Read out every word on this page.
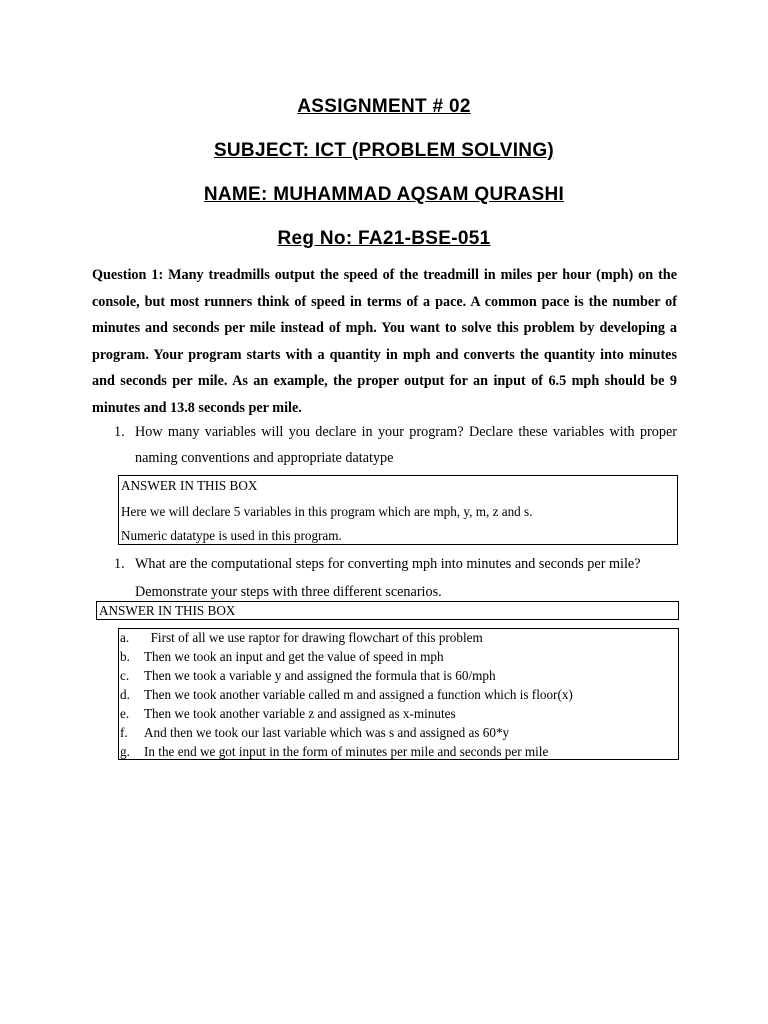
ASSIGNMENT # 02
SUBJECT: ICT (PROBLEM SOLVING)
NAME: MUHAMMAD AQSAM QURASHI
Reg No: FA21-BSE-051
Question 1: Many treadmills output the speed of the treadmill in miles per hour (mph) on the console, but most runners think of speed in terms of a pace. A common pace is the number of minutes and seconds per mile instead of mph. You want to solve this problem by developing a program. Your program starts with a quantity in mph and converts the quantity into minutes and seconds per mile. As an example, the proper output for an input of 6.5 mph should be 9 minutes and 13.8 seconds per mile.
1. How many variables will you declare in your program? Declare these variables with proper naming conventions and appropriate datatype
ANSWER IN THIS BOX
Here we will declare 5 variables in this program which are mph, y, m, z and s.
Numeric datatype is used in this program.
1. What are the computational steps for converting mph into minutes and seconds per mile?
Demonstrate your steps with three different scenarios.
ANSWER IN THIS BOX
a. First of all we use raptor for drawing flowchart of this problem
b. Then we took an input and get the value of speed in mph
c. Then we took a variable y and assigned the formula that is 60/mph
d. Then we took another variable called m and assigned a function which is floor(x)
e. Then we took another variable z and assigned as x-minutes
f. And then we took our last variable which was s and assigned as 60*y
g. In the end we got input in the form of minutes per mile and seconds per mile
